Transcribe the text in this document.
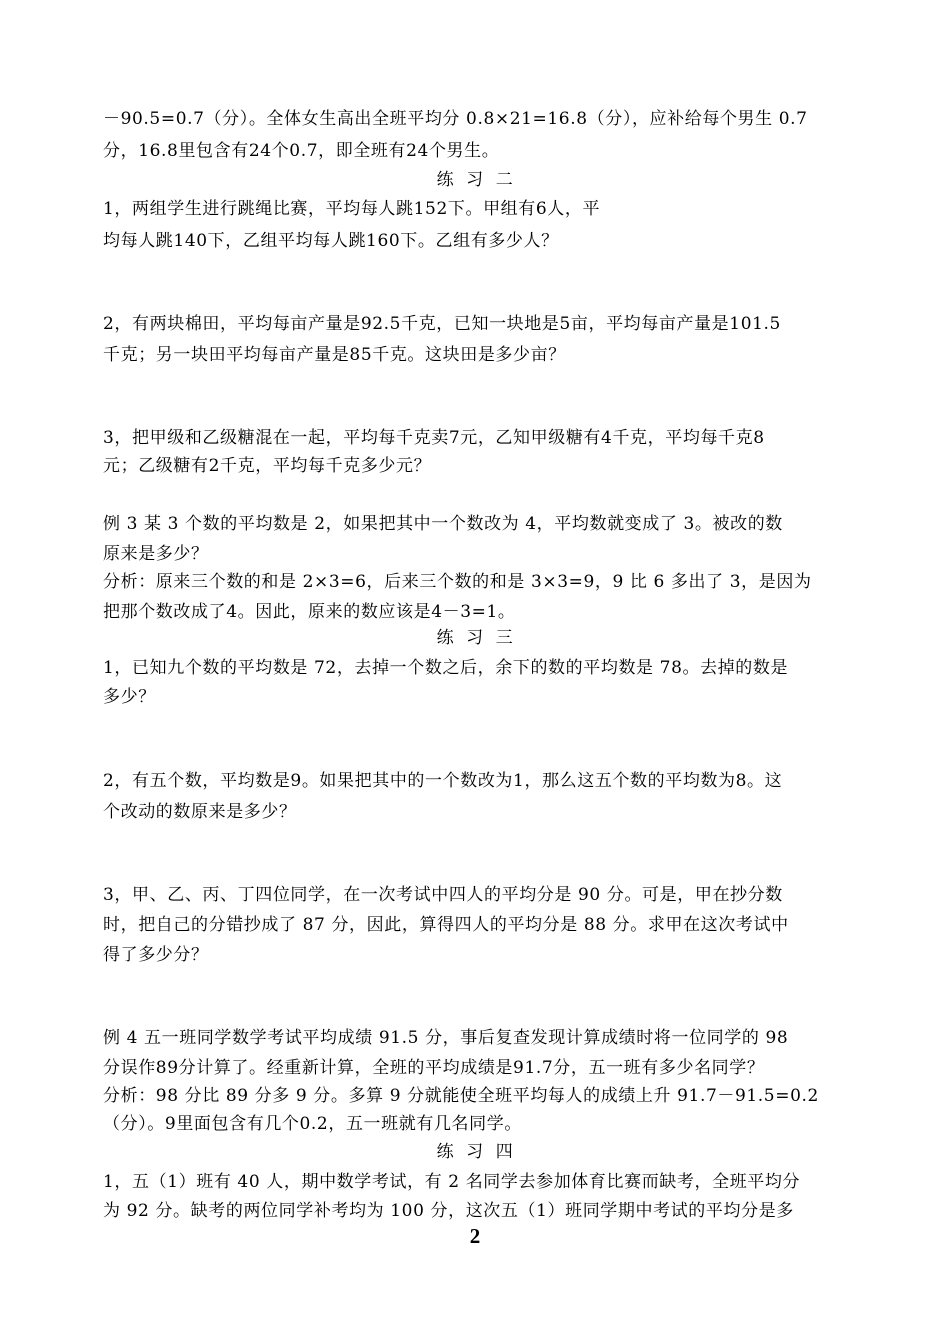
－90.5=0.7（分）。全体女生高出全班平均分 0.8×21=16.8（分），应补给每个男生 0.7
分，16.8里包含有24个0.7，即全班有24个男生。
练  习  二
1，两组学生进行跳绳比赛，平均每人跳152下。甲组有6人，平
均每人跳140下，乙组平均每人跳160下。乙组有多少人？
2，有两块棉田，平均每亩产量是92.5千克，已知一块地是5亩，平均每亩产量是101.5
千克；另一块田平均每亩产量是85千克。这块田是多少亩？
3，把甲级和乙级糖混在一起，平均每千克卖7元，乙知甲级糖有4千克，平均每千克8
元；乙级糖有2千克，平均每千克多少元？
例 3 某 3 个数的平均数是 2，如果把其中一个数改为 4，平均数就变成了 3。被改的数
原来是多少？
分析：原来三个数的和是 2×3=6，后来三个数的和是 3×3=9，9 比 6 多出了 3，是因为
把那个数改成了4。因此，原来的数应该是4－3=1。
练  习  三
1，已知九个数的平均数是 72，去掉一个数之后，余下的数的平均数是 78。去掉的数是
多少？
2，有五个数，平均数是9。如果把其中的一个数改为1，那么这五个数的平均数为8。这
个改动的数原来是多少？
3，甲、乙、丙、丁四位同学，在一次考试中四人的平均分是 90 分。可是，甲在抄分数
时，把自己的分错抄成了 87 分，因此，算得四人的平均分是 88 分。求甲在这次考试中
得了多少分？
例 4 五一班同学数学考试平均成绩 91.5 分，事后复查发现计算成绩时将一位同学的 98
分误作89分计算了。经重新计算，全班的平均成绩是91.7分，五一班有多少名同学？
分析：98 分比 89 分多 9 分。多算 9 分就能使全班平均每人的成绩上升 91.7－91.5=0.2
（分）。9里面包含有几个0.2，五一班就有几名同学。
练  习  四
1，五（1）班有 40 人，期中数学考试，有 2 名同学去参加体育比赛而缺考，全班平均分
为 92 分。缺考的两位同学补考均为 100 分，这次五（1）班同学期中考试的平均分是多
2
